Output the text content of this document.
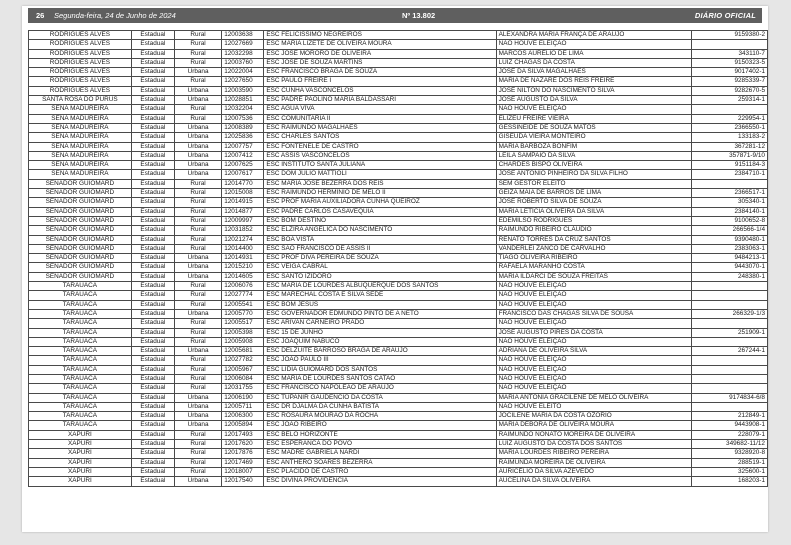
26 Segunda-feira, 24 de Junho de 2024	Nº 13.802	DIÁRIO OFICIAL
RODRIGUES ALVES	Estadual	Rural	12003638	ESC FELICISSIMO NEGREIROS	ALEXANDRA MARIA FRANÇA DE ARAUJO	9159380-2
RODRIGUES ALVES	Estadual	Rural	12027669	ESC MARIA LIZETE DE OLIVEIRA MOURA	NÃO HOUVE ELEIÇÃO	
RODRIGUES ALVES	Estadual	Rural	12032298	ESC JOSE MORORO DE OLIVEIRA	MARCOS AURÉLIO DE LIMA	343110-7
RODRIGUES ALVES	Estadual	Rural	12003760	ESC JOSE DE SOUZA MARTINS	LUIZ CHAGAS DA COSTA	9150323-5
RODRIGUES ALVES	Estadual	Urbana	12022004	ESC FRANCISCO BRAGA DE SOUZA	JOSÉ DA SILVA MAGALHÃES	9017402-1
RODRIGUES ALVES	Estadual	Rural	12027650	ESC PAULO FREIRE I	MARIA DE NAZARÉ DOS REIS FREIRE	9285339-7
RODRIGUES ALVES	Estadual	Urbana	12003590	ESC CUNHA VASCONCELOS	JOSÉ NILTON DO NASCIMENTO SILVA	9282670-5
SANTA ROSA DO PURUS	Estadual	Urbana	12028851	ESC PADRE PAOLINO MARIA BALDASSARI	JOSÉ AUGUSTO DA SILVA	259314-1
SENA MADUREIRA	Estadual	Rural	12032204	ESC AGUA VIVA	NÃO HOUVE ELEIÇÃO	
SENA MADUREIRA	Estadual	Rural	12007536	ESC COMUNITARIA II	ELIZEU FREIRE VIEIRA	229954-1
SENA MADUREIRA	Estadual	Urbana	12008389	ESC RAIMUNDO MAGALHAES	GESSINEIDE DE SOUZA MATOS	2366550-1
SENA MADUREIRA	Estadual	Urbana	12025836	ESC CHARLES SANTOS	GISEUDA VIEIRA MONTEIRO	133183-2
SENA MADUREIRA	Estadual	Urbana	12007757	ESC FONTENELE DE CASTRO	MARIA BARBOZA BONFIM	367281-12
SENA MADUREIRA	Estadual	Urbana	12007412	ESC ASSIS VASCONCELOS	LEILA SAMPAIO DA SILVA	357871-9/10
SENA MADUREIRA	Estadual	Urbana	12007625	ESC INSTITUTO SANTA JULIANA	CHARDES BISPO OLIVEIRA	9151184-3
SENA MADUREIRA	Estadual	Urbana	12007617	ESC DOM JULIO MATTIOLI	JOSE ANTONIO PINHEIRO DA SILVA FILHO	2384710-1
SENADOR GUIOMARD	Estadual	Rural	12014770	ESC MARIA JOSE BEZERRA DOS REIS	SEM GESTOR ELEITO	
SENADOR GUIOMARD	Estadual	Rural	12015008	ESC RAIMUNDO HERMINIO DE MELO II	GEIZA MAIA DE BARROS DE LIMA	2366517-1
SENADOR GUIOMARD	Estadual	Rural	12014915	ESC PROF MARIA AUXILIADORA CUNHA QUEIROZ	JOSÉ ROBERTO SILVA DE SOUZA	305340-1
SENADOR GUIOMARD	Estadual	Rural	12014877	ESC PADRE CARLOS CASAVEQUIA	MARIA LETÍCIA OLIVEIRA DA SILVA	2384140-1
SENADOR GUIOMARD	Estadual	Rural	12009997	ESC BOM DESTINO	EDEMILSO RODRIGUES	9100652-8
SENADOR GUIOMARD	Estadual	Rural	12031852	ESC ELZIRA ANGELICA DO NASCIMENTO	RAIMUNDO RIBEIRO CLÁUDIO	266566-1/4
SENADOR GUIOMARD	Estadual	Rural	12021274	ESC BOA VISTA	RENATO TORRES DA CRUZ SANTOS	9390480-1
SENADOR GUIOMARD	Estadual	Rural	12014400	ESC SAO FRANCISCO DE ASSIS II	VANDERLEI ZANCO DE CARVALHO	2383063-1
SENADOR GUIOMARD	Estadual	Urbana	12014931	ESC PROF DIVA PEREIRA DE SOUZA	TIAGO OLIVEIRA RIBEIRO	9484213-1
SENADOR GUIOMARD	Estadual	Urbana	12015210	ESC VEIGA CABRAL	RAFAELA MARANHO COSTA	9443070-1
SENADOR GUIOMARD	Estadual	Urbana	12014605	ESC SANTO IZIDORO	MARIA ILDARCI DE SOUZA FREITAS	248380-1
TARAUACA	Estadual	Rural	12006076	ESC MARIA DE LOURDES ALBUQUERQUE DOS SANTOS	NÃO HOUVE ELEIÇÃO	
TARAUACA	Estadual	Rural	12027774	ESC MARECHAL COSTA E SILVA SEDE	NÃO HOUVE ELEIÇÃO	
TARAUACA	Estadual	Rural	12005541	ESC BOM JESUS	NÃO HOUVE ELEIÇÃO	
TARAUACA	Estadual	Urbana	12005770	ESC GOVERNADOR EDMUNDO PINTO DE A NETO	FRANCISCO DAS CHAGAS SILVA DE SOUSA	266329-1/3
TARAUACA	Estadual	Rural	12005517	ESC ARIVAN CARNEIRO PRADO	NÃO HOUVE ELEIÇÃO	
TARAUACA	Estadual	Rural	12005398	ESC 15 DE JUNHO	JOSÉ AUGUSTO PIRES DA COSTA	251909-1
TARAUACA	Estadual	Rural	12005908	ESC JOAQUIM NABUCO	NÃO HOUVE ELEIÇÃO	
TARAUACA	Estadual	Urbana	12005681	ESC DELZUITE BARROSO BRAGA DE ARAUJO	ADRIANA DE OLIVEIRA SILVA	267244-1
TARAUACA	Estadual	Rural	12027782	ESC JOAO PAULO III	NÃO HOUVE ELEIÇÃO	
TARAUACA	Estadual	Rural	12005967	ESC LIDIA GUIOMARD DOS SANTOS	NÃO HOUVE ELEIÇÃO	
TARAUACA	Estadual	Rural	12006084	ESC MARIA DE LOURDES SANTOS CATAO	NÃO HOUVE ELEIÇÃO	
TARAUACA	Estadual	Rural	12031755	ESC FRANCISCO NAPOLEAO DE ARAUJO	NÃO HOUVE ELEIÇÃO	
TARAUACA	Estadual	Urbana	12006190	ESC TUPANIR GAUDENCIO DA COSTA	MARIA ANTONIA GRACILENE DE MELO OLIVEIRA	9174834-6/8
TARAUACA	Estadual	Urbana	12005711	ESC DR DJALMA DA CUNHA BATISTA	NÃO HOUVE ELEITO	
TARAUACA	Estadual	Urbana	12006300	ESC ROSAURA MOURAO DA ROCHA	JOCILENE MARIA DA COSTA OZORIO	212849-1
TARAUACA	Estadual	Urbana	12005894	ESC JOAO RIBEIRO	MARIA DÉBORA DE OLIVEIRA MOURA	9443908-1
XAPURI	Estadual	Rural	12017493	ESC BELO HORIZONTE	RAIMUNDO NONATO MOREIRA DE OLIVEIRA	228079-1
XAPURI	Estadual	Rural	12017620	ESC ESPERANCA DO POVO	LUIZ AUGUSTO DA COSTA DOS SANTOS	349682-11/12
XAPURI	Estadual	Rural	12017876	ESC MADRE GABRIELA NARDI	MARIA LOURDES RIBEIRO PEREIRA	9328920-8
XAPURI	Estadual	Rural	12017469	ESC ANTHERO SOARES BEZERRA	RAIMUNDA MOREIRA DE OLIVEIRA	288519-1
XAPURI	Estadual	Rural	12018007	ESC PLACIDO DE CASTRO	AURICÉLIO DA SILVA AZEVEDO	325600-1
XAPURI	Estadual	Urbana	12017540	ESC DIVINA PROVIDENCIA	AUCELINA DA SILVA OLIVEIRA	168203-1
